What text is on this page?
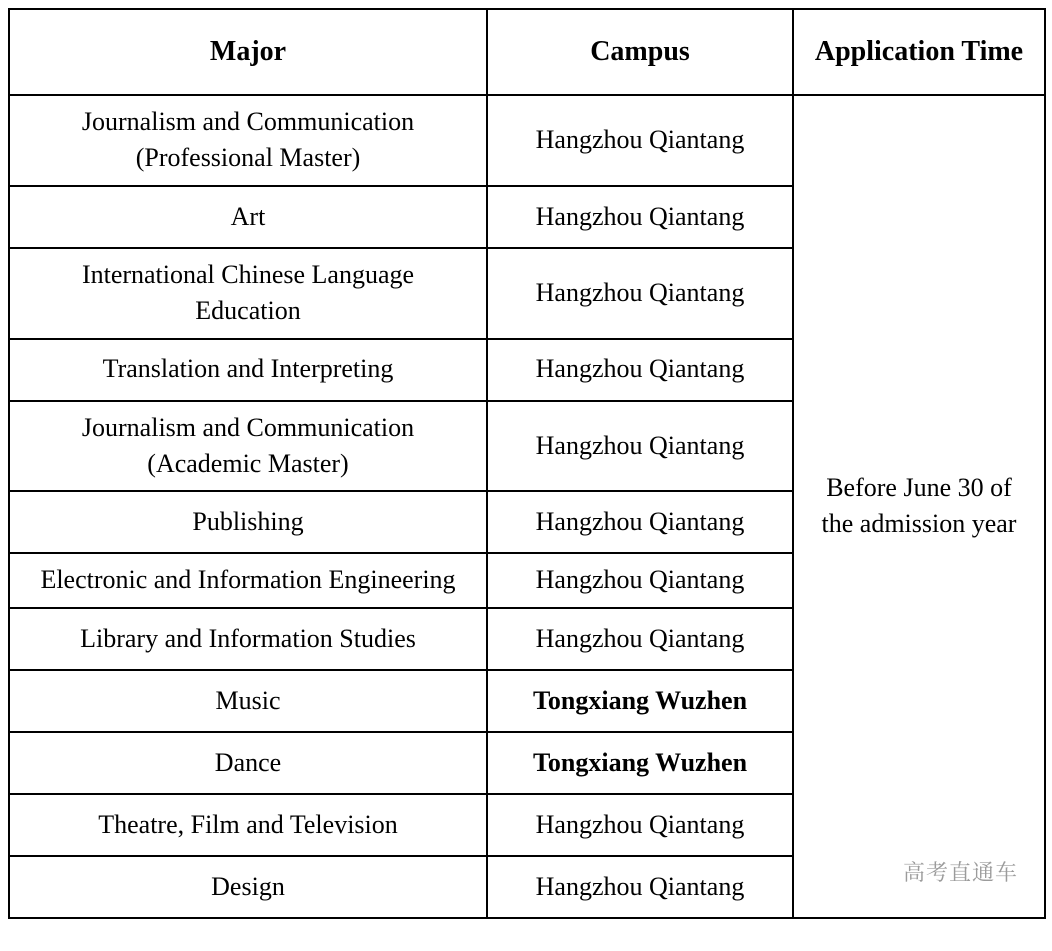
Major	Campus	Application Time
Journalism and Communication (Professional Master)	Hangzhou Qiantang	Before June 30 of the admission year
Art	Hangzhou Qiantang	
International Chinese Language Education	Hangzhou Qiantang	
Translation and Interpreting	Hangzhou Qiantang	
Journalism and Communication (Academic Master)	Hangzhou Qiantang	
Publishing	Hangzhou Qiantang	
Electronic and Information Engineering	Hangzhou Qiantang	
Library and Information Studies	Hangzhou Qiantang	
Music	Tongxiang Wuzhen	
Dance	Tongxiang Wuzhen	
Theatre, Film and Television	Hangzhou Qiantang	
Design	Hangzhou Qiantang		高考直通车
